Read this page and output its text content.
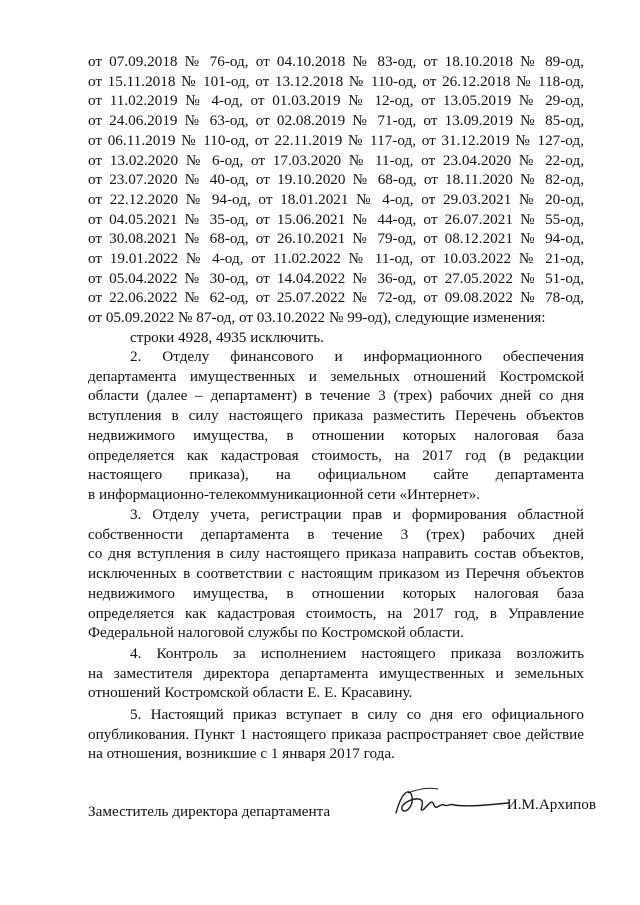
от 07.09.2018 № 76-од, от 04.10.2018 № 83-од, от 18.10.2018 № 89-од,
от 15.11.2018 № 101-од, от 13.12.2018 № 110-од, от 26.12.2018 № 118-од,
от 11.02.2019 № 4-од, от 01.03.2019 № 12-од, от 13.05.2019 № 29-од,
от 24.06.2019 № 63-од, от 02.08.2019 № 71-од, от 13.09.2019 № 85-од,
от 06.11.2019 № 110-од, от 22.11.2019 № 117-од, от 31.12.2019 № 127-од,
от 13.02.2020 № 6-од, от 17.03.2020 № 11-од, от 23.04.2020 № 22-од,
от 23.07.2020 № 40-од, от 19.10.2020 № 68-од, от 18.11.2020 № 82-од,
от 22.12.2020 № 94-од, от 18.01.2021 № 4-од, от 29.03.2021 № 20-од,
от 04.05.2021 № 35-од, от 15.06.2021 № 44-од, от 26.07.2021 № 55-од,
от 30.08.2021 № 68-од, от 26.10.2021 № 79-од, от 08.12.2021 № 94-од,
от 19.01.2022 № 4-од, от 11.02.2022 № 11-од, от 10.03.2022 № 21-од,
от 05.04.2022 № 30-од, от 14.04.2022 № 36-од, от 27.05.2022 № 51-од,
от 22.06.2022 № 62-од, от 25.07.2022 № 72-од, от 09.08.2022 № 78-од,
от 05.09.2022 № 87-од, от 03.10.2022 № 99-од), следующие изменения:
строки 4928, 4935 исключить.
2. Отделу финансового и информационного обеспечения
департамента имущественных и земельных отношений Костромской
области (далее – департамент) в течение 3 (трех) рабочих дней со дня
вступления в силу настоящего приказа разместить Перечень объектов
недвижимого имущества, в отношении которых налоговая база
определяется как кадастровая стоимость, на 2017 год (в редакции
настоящего приказа), на официальном сайте департамента
в информационно-телекоммуникационной сети «Интернет».
3. Отделу учета, регистрации прав и формирования областной
собственности департамента в течение 3 (трех) рабочих дней
со дня вступления в силу настоящего приказа направить состав объектов,
исключенных в соответствии с настоящим приказом из Перечня объектов
недвижимого имущества, в отношении которых налоговая база
определяется как кадастровая стоимость, на 2017 год, в Управление
Федеральной налоговой службы по Костромской области.
4. Контроль за исполнением настоящего приказа возложить
на заместителя директора департамента имущественных и земельных
отношений Костромской области Е. Е. Красавину.
5. Настоящий приказ вступает в силу со дня его официального
опубликования. Пункт 1 настоящего приказа распространяет свое действие
на отношения, возникшие с 1 января 2017 года.
Заместитель директора департамента	И.М.Архипов
